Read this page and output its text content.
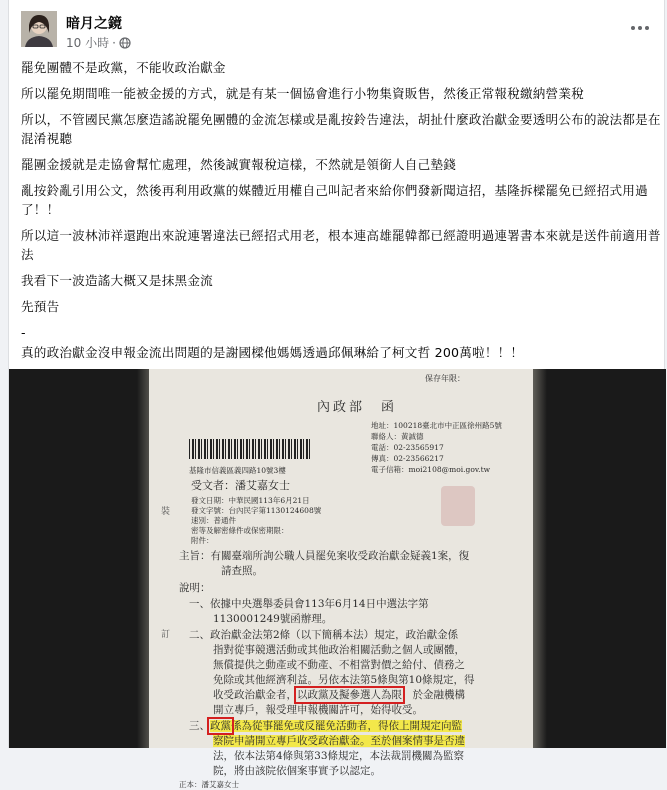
暗月之鏡
10 小時 ·

罷免團體不是政黨，不能收政治獻金

所以罷免期間唯一能被金援的方式，就是有某一個協會進行小物集資販售，然後正常報稅繳納營業稅

所以，不管國民黨怎麼造謠說罷免團體的金流怎樣或是亂按鈴告違法，胡扯什麼政治獻金要透明公布的說法都是在混淆視聽

罷團金援就是走協會幫忙處理，然後誠實報稅這樣，不然就是領銜人自己墊錢

亂按鈴亂引用公文，然後再利用政黨的媒體近用權自己叫記者來給你們發新聞這招，基隆拆樑罷免已經招式用過了！！

所以這一波林沛祥還跑出來說連署違法已經招式用老，根本連高雄罷韓都已經證明過連署書本來就是送件前適用普法

我看下一波造謠大概又是抹黑金流

先預告

-

真的政治獻金沒申報金流出問題的是謝國樑他媽媽透過邱佩琳給了柯文哲 200萬啦！！！

保存年限：
內政部　函
地址：100218臺北市中正區徐州路5號
聯絡人：黃誠德
電話：02-23565917
傳真：02-23566217
電子信箱：moi2108@moi.gov.tw
基隆市信義區義四路10號3樓
受文者：潘艾嘉女士
發文日期：中華民國113年6月21日
發文字號：台內民字第1130124608號
速別：普通件
密等及解密條件或保密期限：
附件：
主旨：有關臺端所詢公職人員罷免案收受政治獻金疑義1案，復
請查照。
說明：
一、依據中央選舉委員會113年6月14日中選法字第
1130001249號函辦理。
二、政治獻金法第2條（以下簡稱本法）規定，政治獻金係
指對從事競選活動或其他政治相關活動之個人或團體，
無償提供之動產或不動產、不相當對價之給付、債務之
免除或其他經濟利益。另依本法第5條與第10條規定，得
收受政治獻金者，以政黨及擬參選人為限，於金融機構
開立專戶，報受理申報機關許可，始得收受。
三、政黨係為從事罷免或反罷免活動者，得依上開規定向監
察院申請開立專戶收受政治獻金。至於個案情事是否違
法，依本法第4條與第33條規定，本法裁罰機關為監察
院，將由該院依個案事實予以認定。
正本：潘艾嘉女士
裝
訂
